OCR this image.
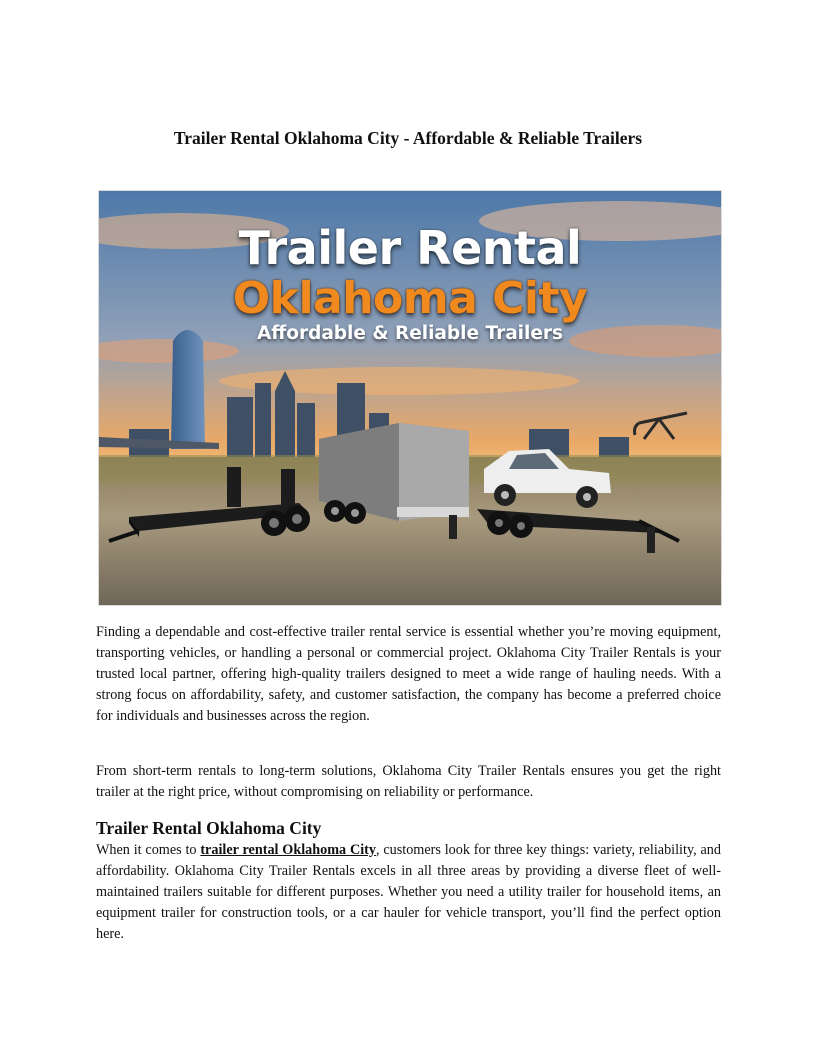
Trailer Rental Oklahoma City - Affordable & Reliable Trailers
Trailer Rental
Oklahoma City
Affordable & Reliable Trailers

Finding a dependable and cost-effective trailer rental service is essential whether you’re moving equipment, transporting vehicles, or handling a personal or commercial project. Oklahoma City Trailer Rentals is your trusted local partner, offering high-quality trailers designed to meet a wide range of hauling needs. With a strong focus on affordability, safety, and customer satisfaction, the company has become a preferred choice for individuals and businesses across the region.

From short-term rentals to long-term solutions, Oklahoma City Trailer Rentals ensures you get the right trailer at the right price, without compromising on reliability or performance.

Trailer Rental Oklahoma City

When it comes to trailer rental Oklahoma City, customers look for three key things: variety, reliability, and affordability. Oklahoma City Trailer Rentals excels in all three areas by providing a diverse fleet of well-maintained trailers suitable for different purposes. Whether you need a utility trailer for household items, an equipment trailer for construction tools, or a car hauler for vehicle transport, you’ll find the perfect option here.
